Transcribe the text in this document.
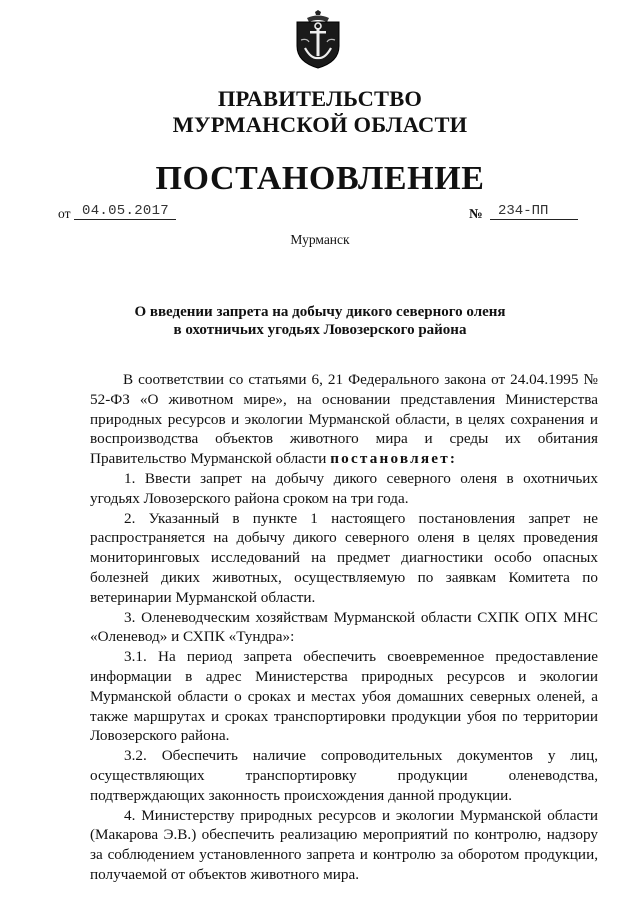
ПРАВИТЕЛЬСТВО
МУРМАНСКОЙ ОБЛАСТИ
ПОСТАНОВЛЕНИЕ
от 04.05.2017	№	234-ПП
Мурманск
О введении запрета на добычу дикого северного оленя
в охотничьих угодьях Ловозерского района

В соответствии со статьями 6, 21 Федерального закона от 24.04.1995 № 52-ФЗ «О животном мире», на основании представления Министерства природных ресурсов и экологии Мурманской области, в целях сохранения и воспроизводства объектов животного мира и среды их обитания Правительство Мурманской области постановляет:

1. Ввести запрет на добычу дикого северного оленя в охотничьих угодьях Ловозерского района сроком на три года.

2. Указанный в пункте 1 настоящего постановления запрет не распространяется на добычу дикого северного оленя в целях проведения мониторинговых исследований на предмет диагностики особо опасных болезней диких животных, осуществляемую по заявкам Комитета по ветеринарии Мурманской области.

3. Оленеводческим хозяйствам Мурманской области СХПК ОПХ МНС «Оленевод» и СХПК «Тундра»:

3.1. На период запрета обеспечить своевременное предоставление информации в адрес Министерства природных ресурсов и экологии Мурманской области о сроках и местах убоя домашних северных оленей, а также маршрутах и сроках транспортировки продукции убоя по территории Ловозерского района.

3.2. Обеспечить наличие сопроводительных документов у лиц, осуществляющих транспортировку продукции оленеводства, подтверждающих законность происхождения данной продукции.

4. Министерству природных ресурсов и экологии Мурманской области (Макарова Э.В.) обеспечить реализацию мероприятий по контролю, надзору за соблюдением установленного запрета и контролю за оборотом продукции, получаемой от объектов животного мира.
